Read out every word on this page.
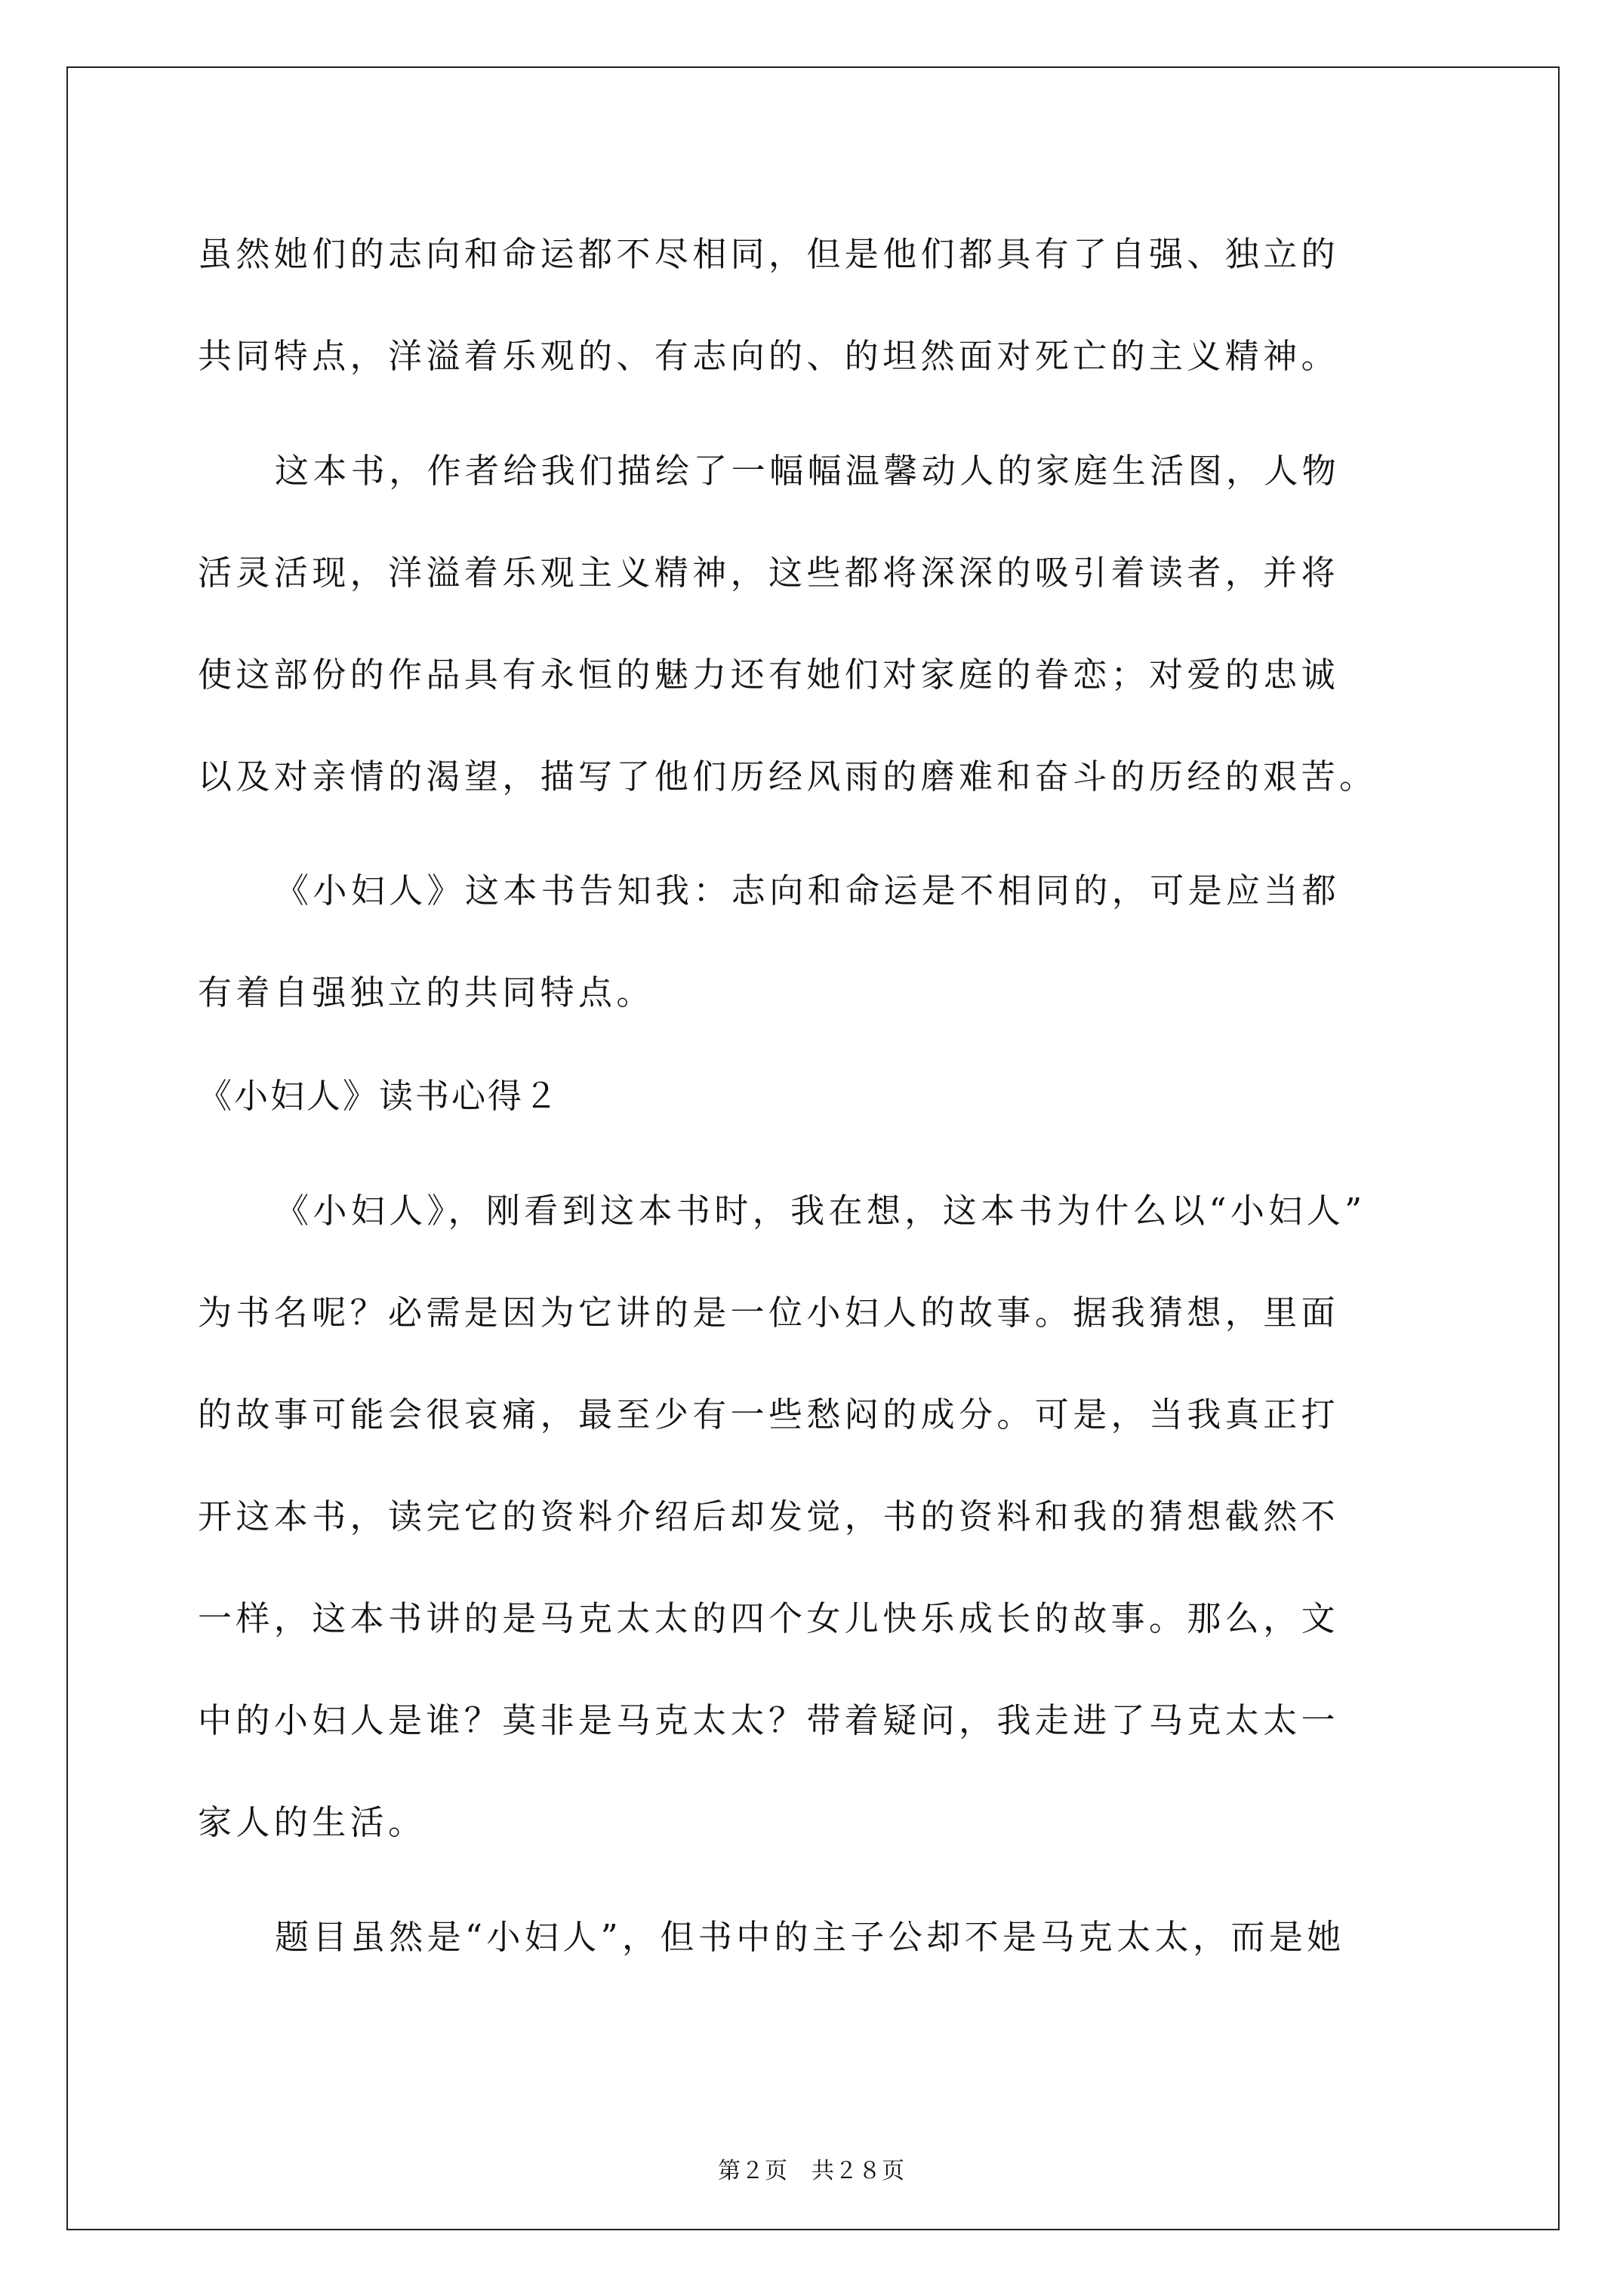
虽然她们的志向和命运都不尽相同，但是他们都具有了自强、独立的
共同特点，洋溢着乐观的、有志向的、的坦然面对死亡的主义精神。
这本书，作者给我们描绘了一幅幅温馨动人的家庭生活图，人物
活灵活现，洋溢着乐观主义精神，这些都将深深的吸引着读者，并将
使这部份的作品具有永恒的魅力还有她们对家庭的眷恋；对爱的忠诚
以及对亲情的渴望，描写了他们历经风雨的磨难和奋斗的历经的艰苦。
《小妇人》这本书告知我：志向和命运是不相同的，可是应当都
有着自强独立的共同特点。
《小妇人》读书心得２
《小妇人》，刚看到这本书时，我在想，这本书为什么以“小妇人”
为书名呢？必需是因为它讲的是一位小妇人的故事。据我猜想，里面
的故事可能会很哀痛，最至少有一些愁闷的成分。可是，当我真正打
开这本书，读完它的资料介绍后却发觉，书的资料和我的猜想截然不
一样，这本书讲的是马克太太的四个女儿快乐成长的故事。那么，文
中的小妇人是谁？莫非是马克太太？带着疑问，我走进了马克太太一
家人的生活。
题目虽然是“小妇人”，但书中的主子公却不是马克太太，而是她
第２页　共２８页
